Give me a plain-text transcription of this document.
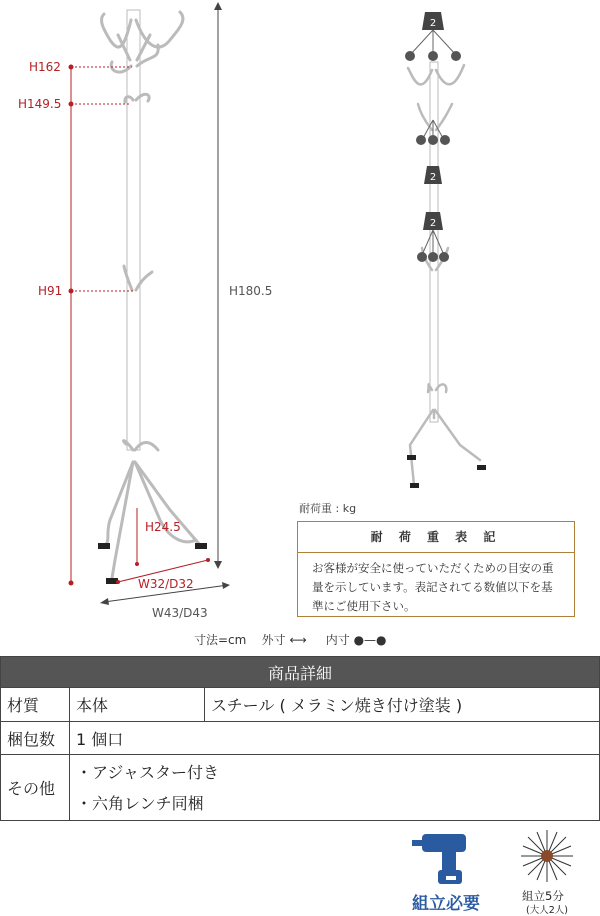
H162
H149.5
H91	H180.5
H24.5
W32/D32
W43/D43
2
2
2
耐荷重 : kg
耐 荷 重 表 記
お客様が安全に使っていただくための目安の重量を示しています。表記されてる数値以下を基準にご使用下さい。
寸法=cm 外寸 ⟷ 内寸 ●—●
商品詳細		
材質	本体	スチール ( メラミン焼き付け塗装 )
梱包数	1 個口	
その他	・アジャスター付き
・六角レンチ同梱	
組立必要	組立5分
(大人2人)
